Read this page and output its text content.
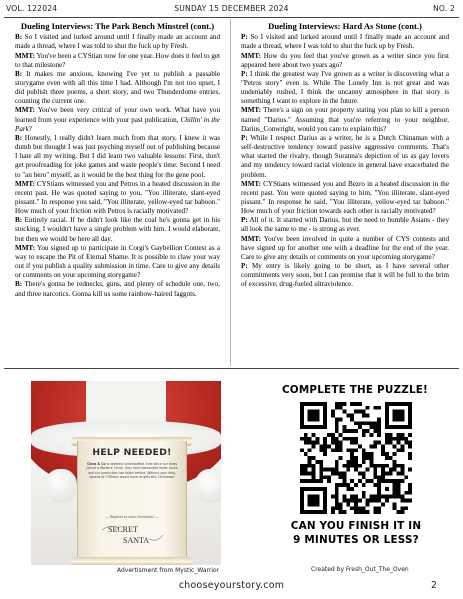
VOL. 122024	SUNDAY 15 DECEMBER 2024	NO. 2
Dueling Interviews: The Park Bench Minstrel (cont.)

B: So I visited and lurked around until I finally made an account and made a thread, where I was told to shut the fuck up by Fresh.

MMT: You've been a CYStian now for one year. How does it feel to get to that milestone?

B: It makes me anxious, knowing I've yet to publish a passable storygame even with all this time I had. Although I'm not too upset, I did publish three poems, a short story, and two Thunderdome entries, counting the current one.

MMT: You've been very critical of your own work. What have you learned from your experience with your past publication, Chillin' in the Park?

B: Honestly, I really didn't learn much from that story, I knew it was dumb but thought I was just psyching myself out of publishing because I hate all my writing. But I did learn two valuable lessons: First, don't get proofreading for joke games and waste people's time. Second I need to "an hero" myself, as it would be the best thing for the gene pool.

MMT: CYStians witnessed you and Petros in a heated discussion in the recent past. He was quoted saying to you, "You illiterate, slant-eyed pissant." In response you said, "You illiterate, yellow-eyed tar baboon." How much of your friction with Petros is racially motivated?

B: Entirely racial. If he didn't look like the coal he's gonna get in his stocking, I wouldn't have a single problem with him. I would elaborate, but then we would be here all day.

MMT: You signed up to participate in Corgi's Gaybellion Contest as a way to escape the Pit of Eternal Shame. It is possible to claw your way out if you publish a quality submission in time. Care to give any details or comments on your upcoming storygame?

B: There's gonna be rednecks, guns, and plenty of schedule one, two, and three narcotics. Gonna kill us some rainbow-haired faggots.

Dueling Interviews: Hard As Stone (cont.)

P: So I visited and lurked around until I finally made an account and made a thread, where I was told to shut the fuck up by Fresh.

MMT: How do you feel that you've grown as a writer since you first appeared here about two years ago?

P: I think the greatest way I've grown as a writer is discovering what a "Petros story" even is. While The Lonely Inn is not great and was undeniably rushed, I think the uncanny atmosphere in that story is something I want to explore in the future.

MMT: There's a sign on your property stating you plan to kill a person named "Darius." Assuming that you're referring to your neighbor, Darius_Conwright, would you care to explain this?

P: While I respect Darius as a writer, he is a Dutch Chinaman with a self-destructive tendency toward passive aggressive comments. That's what started the rivalry, though Suranna's depiction of us as gay lovers and my tendency toward racial violence in general have exacerbated the problem.

MMT: CYStians witnessed you and Bezro in a heated discussion in the recent past. You were quoted saying to him, "You illiterate, slant-eyed pissant." In response he said, "You illiterate, yellow-eyed tar baboon." How much of your friction towards each other is racially motivated?

P: All of it. It started with Darius, but the need to humble Asians - they all look the same to me - is strong as ever.

MMT: You've been involved in quite a number of CYS contests and have signed up for another one with a deadline for the end of the year. Care to give any details or comments on your upcoming storygame?

P: My entry is likely going to be short, as I have several other commitments very soon, but I can promise that it will be full to the brim of excessive, drug-fueled ultraviolence.

HELP NEEDED!
Claus & Co is severely understaffed. Ever since our elves joined a Workers' Union, they have demanded fewer hours and our production has fallen behind. Without your help, dozens of CYStians would have no gifts this Christmas!
— Register to save Christmas! —
SECRET
SANTA
Advertisment from Mystic_Warrior
COMPLETE THE PUZZLE!
CAN YOU FINISH IT IN
9 MINUTES OR LESS?
Created by Fresh_Out_The_Oven
chooseyourstory.com	2
